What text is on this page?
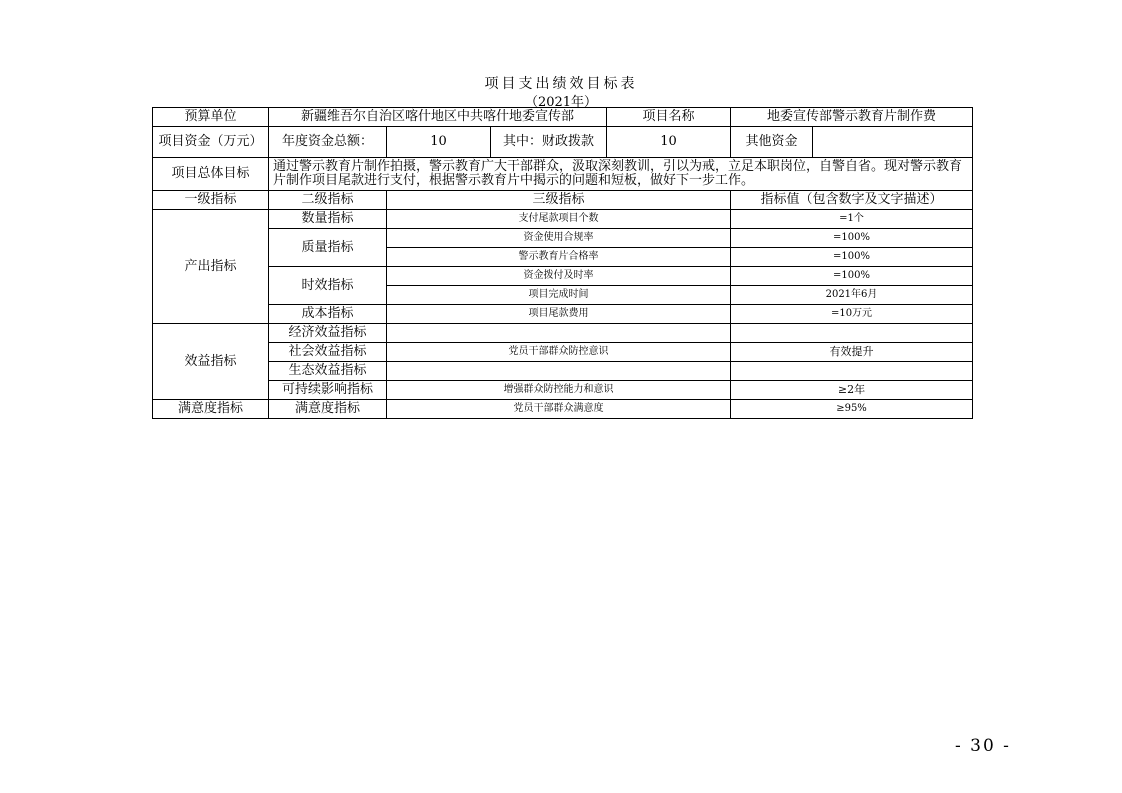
项目支出绩效目标表
（2021年）
预算单位	新疆维吾尔自治区喀什地区中共喀什地委宣传部			项目名称	地委宣传部警示教育片制作费	
项目资金（万元）	年度资金总额：	10	其中：财政拨款	10	其他资金	
项目总体目标	通过警示教育片制作拍摄，警示教育广大干部群众，汲取深刻教训，引以为戒，立足本职岗位，自警自省。现对警示教育片制作项目尾款进行支付，根据警示教育片中揭示的问题和短板，做好下一步工作。					
一级指标	二级指标	三级指标			指标值（包含数字及文字描述）	
产出指标	数量指标	支付尾款项目个数			=1个	
	质量指标	资金使用合规率			=100%	
		警示教育片合格率			=100%	
	时效指标	资金拨付及时率			=100%	
		项目完成时间			2021年6月	
	成本指标	项目尾款费用			=10万元	
效益指标	经济效益指标					
	社会效益指标	党员干部群众防控意识			有效提升	
	生态效益指标					
	可持续影响指标	增强群众防控能力和意识			≥2年	
满意度指标	满意度指标	党员干部群众满意度			≥95%	
- 30 -
